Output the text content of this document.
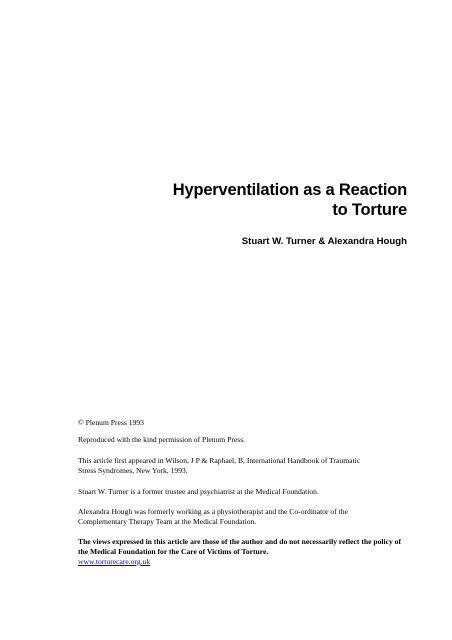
Hyperventilation as a Reaction
to Torture
Stuart W. Turner & Alexandra Hough

© Plenum Press 1993

Reproduced with the kind permission of Plenum Press.

This article first appeared in Wilson, J P & Raphael, B, International Handbook of Traumatic Stress Syndromes, New York, 1993.

Stuart W. Turner is a former trustee and psychiatrist at the Medical Foundation.

Alexandra Hough was formerly working as a physiotherapist and the Co-ordinator of the Complementary Therapy Team at the Medical Foundation.

The views expressed in this article are those of the author and do not necessarily reflect the policy of the Medical Foundation for the Care of Victims of Torture.

www.torturecare.org.uk
